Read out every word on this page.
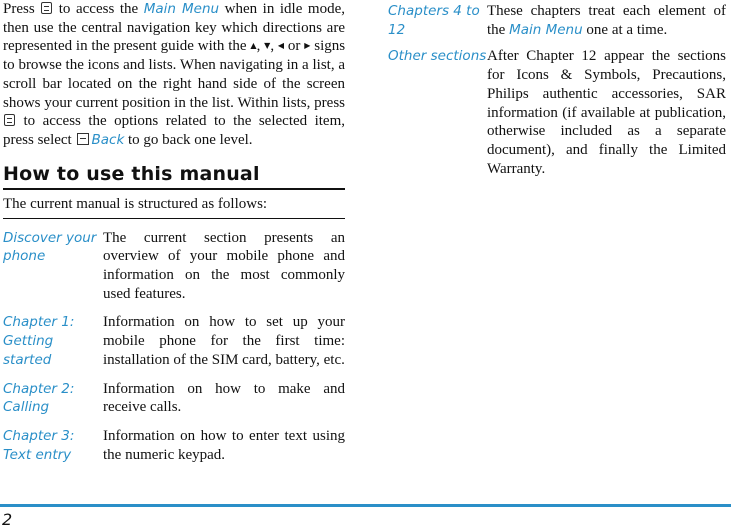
Press to access the Main Menu when in idle mode, then use the central navigation key which directions are represented in the present guide with the ▲, ▼, ◀ or ▶ signs to browse the icons and lists. When navigating in a list, a scroll bar located on the right hand side of the screen shows your current position in the list. Within lists, press  to access the options related to the selected item, press select Back to go back one level.

How to use this manual

The current manual is structured as follows:

Discover your phone
The current section presents an overview of your mobile phone and information on the most commonly used features.
Chapter 1: Getting started
Information on how to set up your mobile phone for the first time: installation of the SIM card, battery, etc.
Chapter 2: Calling
Information on how to make and receive calls.
Chapter 3: Text entry
Information on how to enter text using the numeric keypad.
Chapters 4 to 12
These chapters treat each element of the Main Menu one at a time.
Other sections After Chapter 12 appear the sections for Icons & Symbols, Precautions, Philips authentic accessories, SAR information (if available at publication, otherwise included as a separate document), and finally the Limited Warranty.
2
